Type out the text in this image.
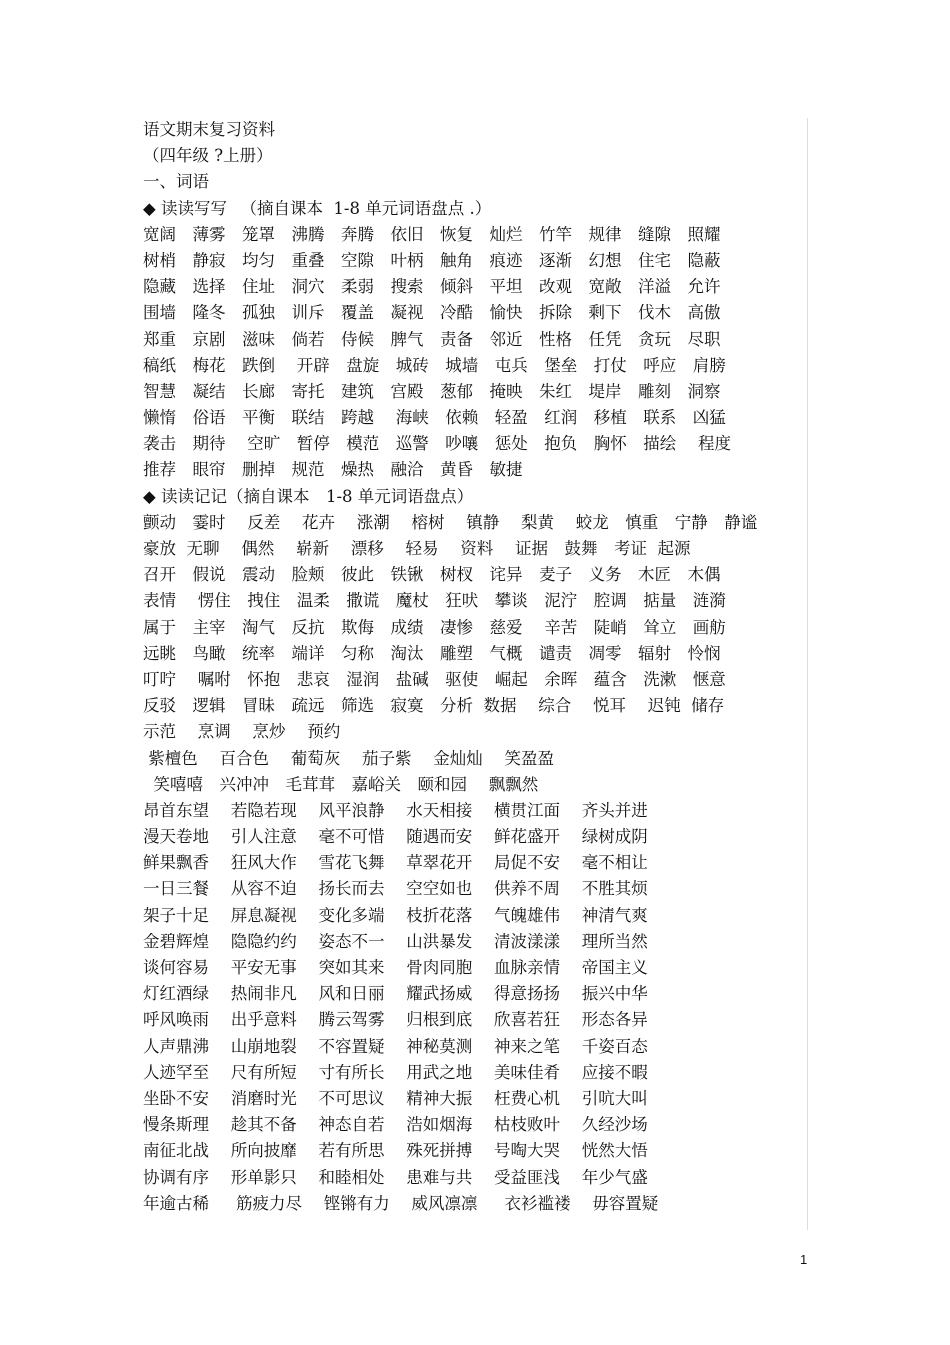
语文期末复习资料
（四年级 ?上册）
一、词语
◆ 读读写写 　（摘自课本  1-8 单元词语盘点 .）
宽阔　薄雾　笼罩　沸腾　奔腾　依旧　恢复　灿烂　竹竿　规律　缝隙　照耀
树梢　静寂　均匀　重叠　空隙　叶柄　触角　痕迹　逐渐　幻想　住宅　隐蔽
隐藏　选择　住址　洞穴　柔弱　搜索　倾斜　平坦　改观　宽敞　洋溢　允许
围墙　隆冬　孤独　训斥　覆盖　凝视　冷酷　愉快　拆除　剩下　伐木　高傲
郑重　京剧　滋味　倘若　侍候　脾气　责备　邻近　性格　任凭　贪玩　尽职
稿纸　梅花　跌倒　 开辟　盘旋　城砖　城墙　屯兵　堡垒　打仗　呼应　肩膀
智慧　凝结　长廊　寄托　建筑　宫殿　葱郁　掩映　朱红　堤岸　雕刻　洞察
懒惰　俗语　平衡　联结　跨越　 海峡　依赖　轻盈　红润　移植　联系　凶猛
袭击　期待　 空旷　暂停　模范　巡警　吵嚷　惩处　抱负　胸怀　描绘　 程度
推荐　眼帘　删掉　规范　燥热　融洽　黄昏　敏捷
◆ 读读记记（摘自课本　1-8 单元词语盘点）
颤动　霎时　 反差　 花卉　 涨潮　 榕树　 镇静　 梨黄　 蛟龙　慎重　宁静　静谧
豪放  无聊　 偶然　 崭新　 漂移　 轻易　 资料　 证据　鼓舞　考证  起源
召开　假说　震动　脸颊　彼此　铁锹　树杈　诧异　麦子　义务　木匠　木偶
表情　 愣住　拽住　温柔　撒谎　魔杖　狂吠　攀谈　泥泞　腔调　掂量　涟漪
属于　主宰　淘气　反抗　欺侮　成绩　凄惨　慈爱　 辛苦　陡峭　耸立　画舫
远眺　鸟瞰　统率　端详　匀称　淘汰　雕塑　气概　谴责　凋零　辐射　怜悯
叮咛　 嘱咐　怀抱　悲哀　湿润　盐碱　驱使　崛起　余晖　蕴含　洗漱　惬意
反驳　逻辑　冒昧　疏远　筛选　寂寞　分析  数据　 综合　 悦耳　 迟钝  储存
示范　 烹调　 烹炒　 预约
紫檀色　 百合色　 葡萄灰　 茄子紫　 金灿灿　 笑盈盈
笑嘻嘻　兴冲冲　毛茸茸　嘉峪关　颐和园　 飘飘然
昂首东望　 若隐若现　 风平浪静　 水天相接　 横贯江面　 齐头并进
漫天卷地　 引人注意　 毫不可惜　 随遇而安　 鲜花盛开　 绿树成阴
鲜果飘香　 狂风大作　 雪花飞舞　 草翠花开　 局促不安　 毫不相让
一日三餐　 从容不迫　 扬长而去　 空空如也　 供养不周　 不胜其烦
架子十足　 屏息凝视　 变化多端　 枝折花落　 气魄雄伟　 神清气爽
金碧辉煌　 隐隐约约　 姿态不一　 山洪暴发　 清波漾漾　 理所当然
谈何容易　 平安无事　 突如其来　 骨肉同胞　 血脉亲情　 帝国主义
灯红酒绿　 热闹非凡　 风和日丽　 耀武扬威　 得意扬扬　 振兴中华
呼风唤雨　 出乎意料　 腾云驾雾　 归根到底　 欣喜若狂　 形态各异
人声鼎沸　 山崩地裂　 不容置疑　 神秘莫测　 神来之笔　 千姿百态
人迹罕至　 尺有所短　 寸有所长　 用武之地　 美味佳肴　 应接不暇
坐卧不安　 消磨时光　 不可思议　 精神大振　 枉费心机　 引吭大叫
慢条斯理　 趁其不备　 神态自若　 浩如烟海　 枯枝败叶　 久经沙场
南征北战　 所向披靡　 若有所思　 殊死拼搏　 号啕大哭　 恍然大悟
协调有序　 形单影只　 和睦相处　 患难与共　 受益匪浅　 年少气盛
年逾古稀　  筋疲力尽　 铿锵有力　 威风凛凛　  衣衫褴褛　 毋容置疑
1
